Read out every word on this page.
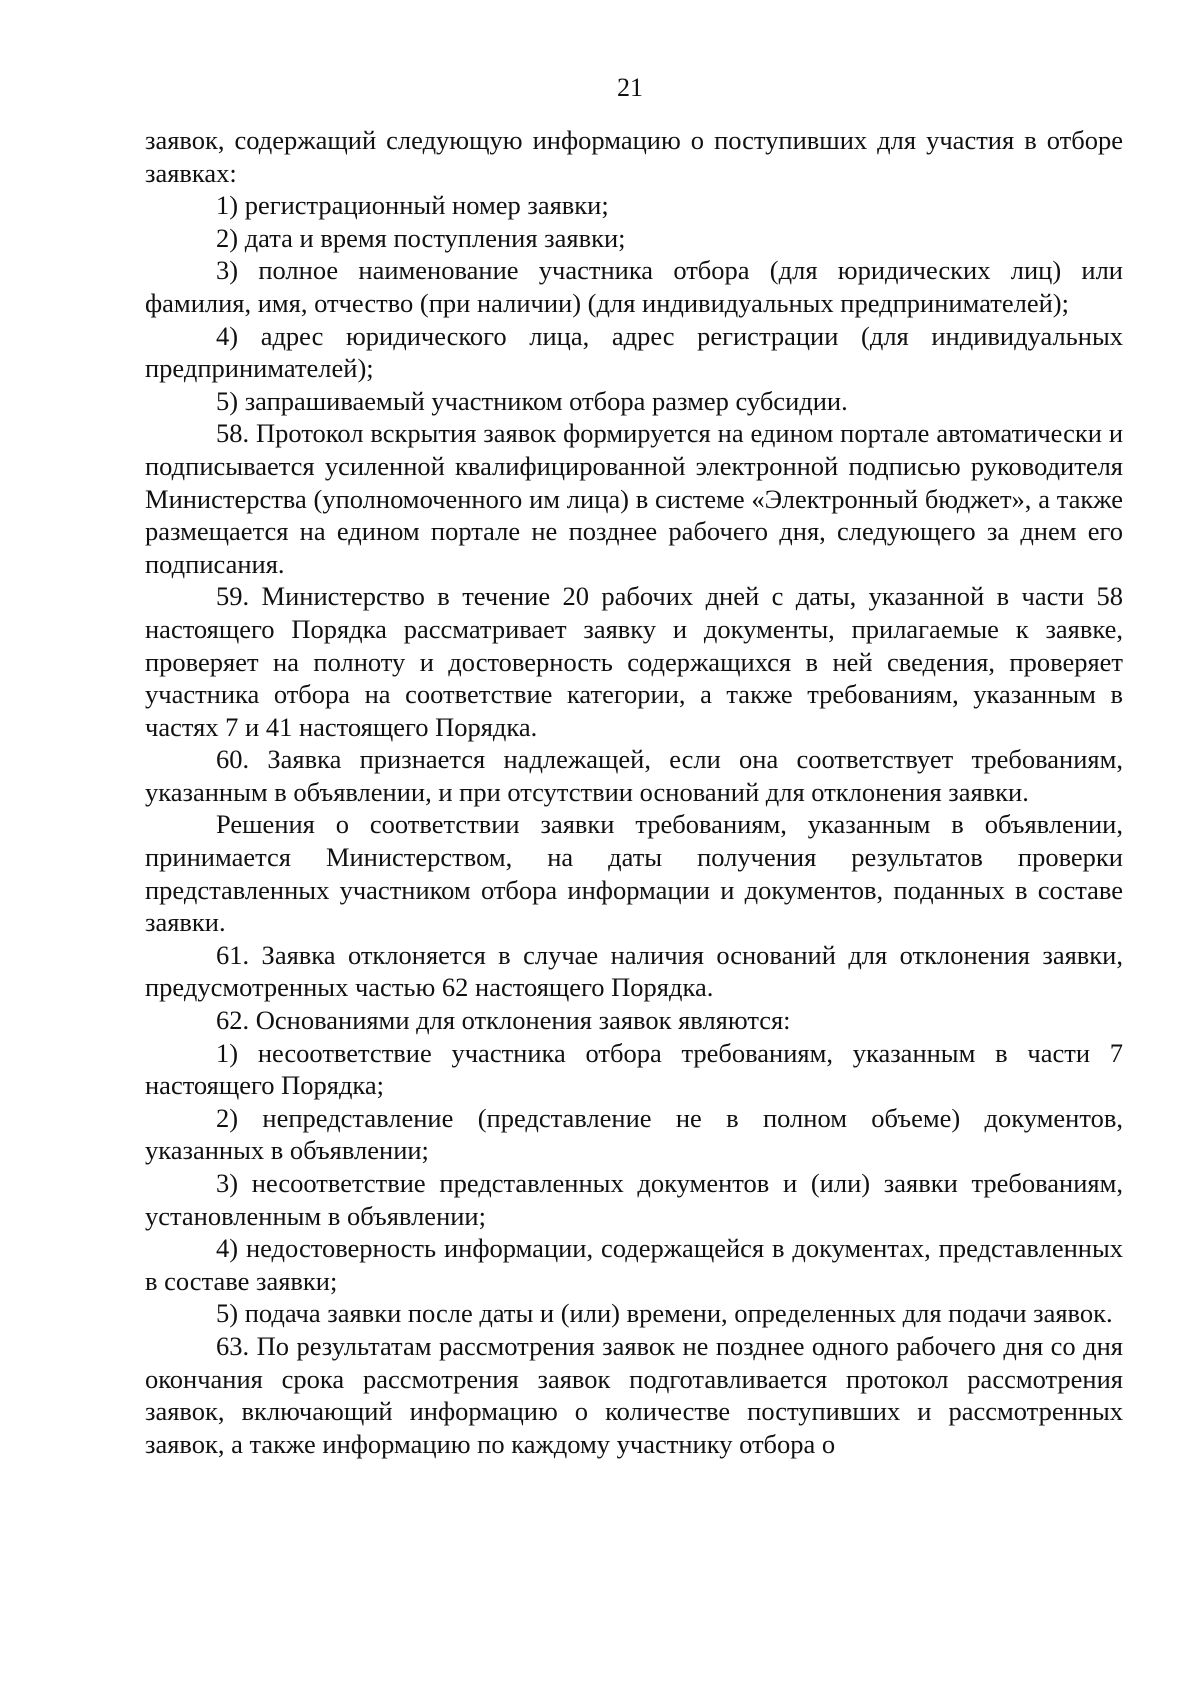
21

заявок, содержащий следующую информацию о поступивших для участия в отборе заявках:

1) регистрационный номер заявки;

2) дата и время поступления заявки;

3) полное наименование участника отбора (для юридических лиц) или фамилия, имя, отчество (при наличии) (для индивидуальных предпринимателей);

4) адрес юридического лица, адрес регистрации (для индивидуальных предпринимателей);

5) запрашиваемый участником отбора размер субсидии.

58. Протокол вскрытия заявок формируется на едином портале автоматически и подписывается усиленной квалифицированной электронной подписью руководителя Министерства (уполномоченного им лица) в системе «Электронный бюджет», а также размещается на едином портале не позднее рабочего дня, следующего за днем его подписания.

59. Министерство в течение 20 рабочих дней с даты, указанной в части 58 настоящего Порядка рассматривает заявку и документы, прилагаемые к заявке, проверяет на полноту и достоверность содержащихся в ней сведения, проверяет участника отбора на соответствие категории, а также требованиям, указанным в частях 7 и 41 настоящего Порядка.

60. Заявка признается надлежащей, если она соответствует требованиям, указанным в объявлении, и при отсутствии оснований для отклонения заявки.

Решения о соответствии заявки требованиям, указанным в объявлении, принимается Министерством, на даты получения результатов проверки представленных участником отбора информации и документов, поданных в составе заявки.

61. Заявка отклоняется в случае наличия оснований для отклонения заявки, предусмотренных частью 62 настоящего Порядка.

62. Основаниями для отклонения заявок являются:

1) несоответствие участника отбора требованиям, указанным в части 7 настоящего Порядка;

2) непредставление (представление не в полном объеме) документов, указанных в объявлении;

3) несоответствие представленных документов и (или) заявки требованиям, установленным в объявлении;

4) недостоверность информации, содержащейся в документах, представленных в составе заявки;

5) подача заявки после даты и (или) времени, определенных для подачи заявок.

63. По результатам рассмотрения заявок не позднее одного рабочего дня со дня окончания срока рассмотрения заявок подготавливается протокол рассмотрения заявок, включающий информацию о количестве поступивших и рассмотренных заявок, а также информацию по каждому участнику отбора о
